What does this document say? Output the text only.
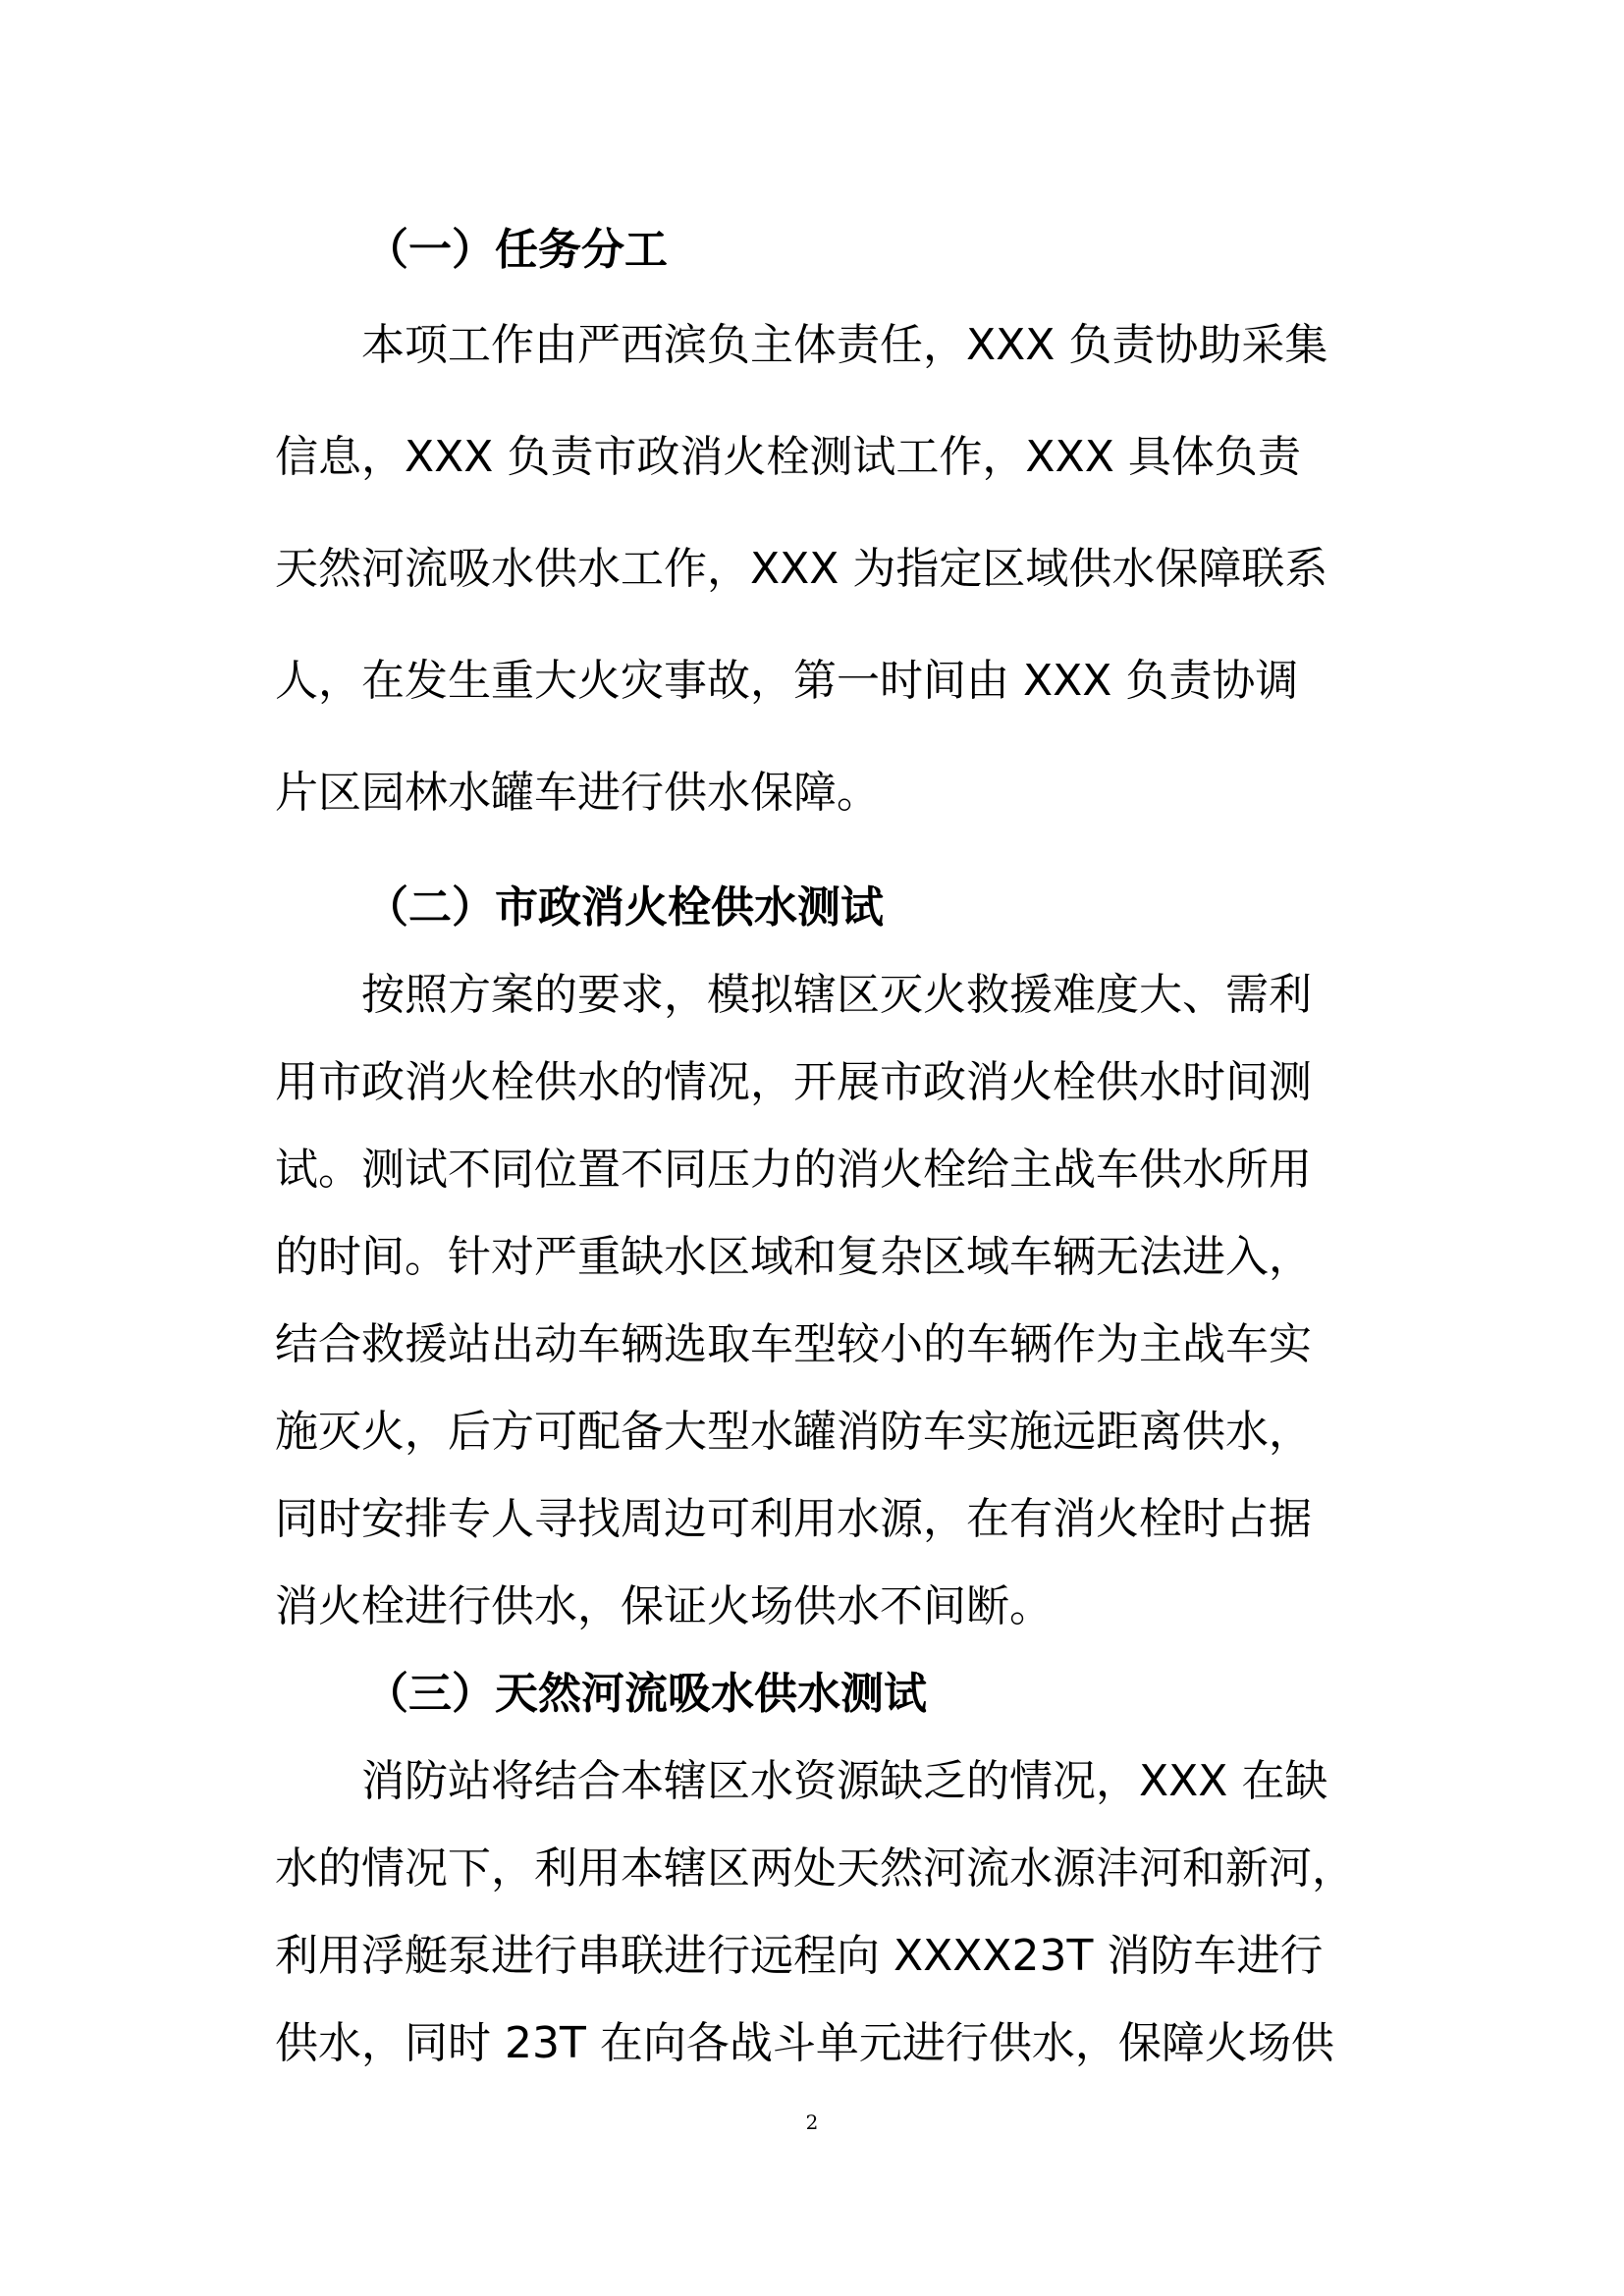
（一）任务分工

本项工作由严西滨负主体责任，XXX 负责协助采集

信息，XXX 负责市政消火栓测试工作，XXX 具体负责

天然河流吸水供水工作，XXX 为指定区域供水保障联系

人，在发生重大火灾事故，第一时间由 XXX 负责协调

片区园林水罐车进行供水保障。

（二）市政消火栓供水测试

按照方案的要求，模拟辖区灭火救援难度大、需利

用市政消火栓供水的情况，开展市政消火栓供水时间测

试。测试不同位置不同压力的消火栓给主战车供水所用

的时间。针对严重缺水区域和复杂区域车辆无法进入，

结合救援站出动车辆选取车型较小的车辆作为主战车实

施灭火，后方可配备大型水罐消防车实施远距离供水，

同时安排专人寻找周边可利用水源，在有消火栓时占据

消火栓进行供水，保证火场供水不间断。

（三）天然河流吸水供水测试

消防站将结合本辖区水资源缺乏的情况，XXX 在缺

水的情况下，利用本辖区两处天然河流水源沣河和新河，

利用浮艇泵进行串联进行远程向 XXXX23T 消防车进行

供水，同时 23T 在向各战斗单元进行供水，保障火场供

2
